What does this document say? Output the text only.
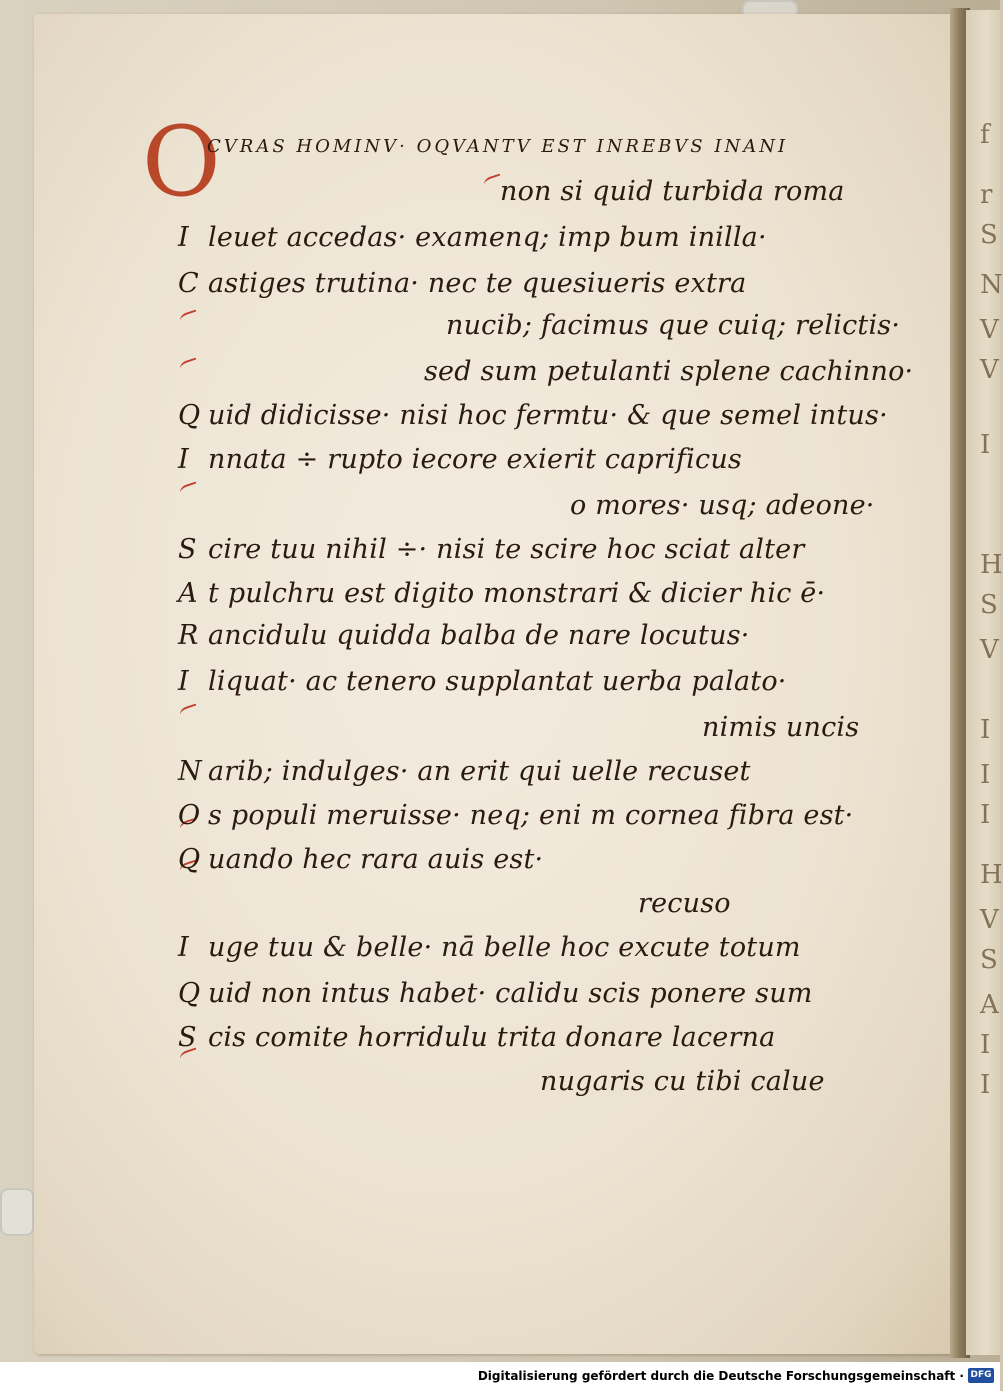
f
r
S
N
V
V
I
H
S
V
I
I
I
H
V
S
A
I
I
O
CVRAS HOMINV· OQVANTV EST INREBVS INANI
I
C
Q
I
S
A
R
I
N
O
Q
I
Q
S
non si quid turbida roma
leuet accedas· examenq; imp bum inilla·
astiges trutina· nec te quesiueris extra
nucib; facimus que cuiq; relictis·
sed sum petulanti splene cachinno·
uid didicisse· nisi hoc fermtu· & que semel intus·
nnata ÷ rupto iecore exierit caprificus
o mores· usq; adeone·
cire tuu nihil ÷· nisi te scire hoc sciat alter
t pulchru est digito monstrari & dicier hic ē·
ancidulu quidda balba de nare locutus·
liquat· ac tenero supplantat uerba palato·
nimis uncis
arib; indulges· an erit qui uelle recuset
s populi meruisse· neq; eni m cornea fibra est·
uando hec rara auis est·
recuso
uge tuu & belle· nā belle hoc excute totum
uid non intus habet· calidu scis ponere sum
cis comite horridulu trita donare lacerna
nugaris cu tibi calue
Digitalisierung gefördert durch die Deutsche Forschungsgemeinschaft · DFG
